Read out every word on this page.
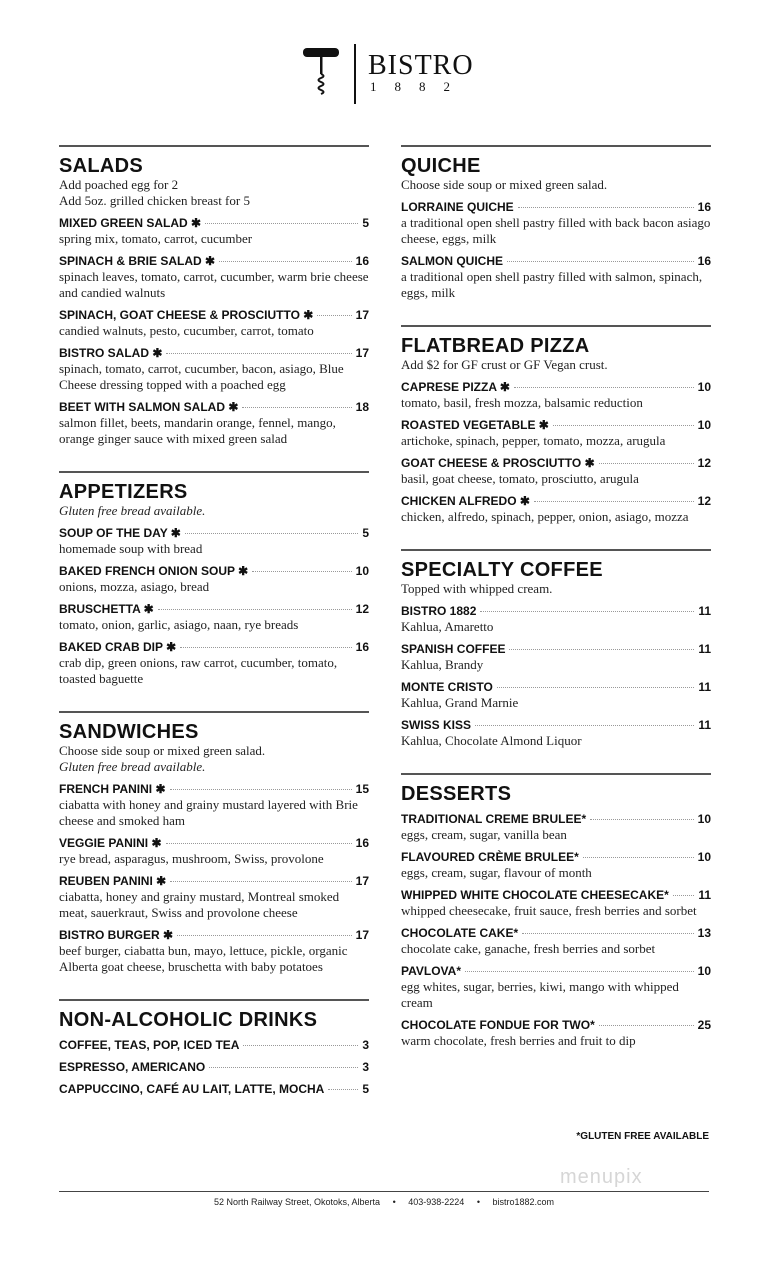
BISTRO
1882
SALADS
Add poached egg for 2
Add 5oz. grilled chicken breast for 5
MIXED GREEN SALAD ✱	5
spring mix, tomato, carrot, cucumber
SPINACH & BRIE SALAD ✱	16
spinach leaves, tomato, carrot, cucumber, warm brie cheese and candied walnuts
SPINACH, GOAT CHEESE & PROSCIUTTO ✱	17
candied walnuts, pesto, cucumber, carrot, tomato
BISTRO SALAD ✱	17
spinach, tomato, carrot, cucumber, bacon, asiago, Blue Cheese dressing topped with a poached egg
BEET WITH SALMON SALAD ✱	18
salmon fillet, beets, mandarin orange, fennel, mango, orange ginger sauce with mixed green salad
APPETIZERS
Gluten free bread available.
SOUP OF THE DAY ✱	5
homemade soup with bread
BAKED FRENCH ONION SOUP ✱	10
onions, mozza, asiago, bread
BRUSCHETTA ✱	12
tomato, onion, garlic, asiago, naan, rye breads
BAKED CRAB DIP ✱	16
crab dip, green onions, raw carrot, cucumber, tomato, toasted baguette
SANDWICHES
Choose side soup or mixed green salad.
Gluten free bread available.
FRENCH PANINI ✱	15
ciabatta with honey and grainy mustard layered with Brie cheese and smoked ham
VEGGIE PANINI ✱	16
rye bread, asparagus, mushroom, Swiss, provolone
REUBEN PANINI ✱	17
ciabatta, honey and grainy mustard, Montreal smoked meat, sauerkraut, Swiss and provolone cheese
BISTRO BURGER ✱	17
beef burger, ciabatta bun, mayo, lettuce, pickle, organic Alberta goat cheese, bruschetta with baby potatoes
NON-ALCOHOLIC DRINKS
COFFEE, TEAS, POP, ICED TEA	3
ESPRESSO, AMERICANO	3
CAPPUCCINO, CAFÉ AU LAIT, LATTE, MOCHA	5
QUICHE
Choose side soup or mixed green salad.
LORRAINE QUICHE	16
a traditional open shell pastry filled with back bacon asiago cheese, eggs, milk
SALMON QUICHE	16
a traditional open shell pastry filled with salmon, spinach, eggs, milk
FLATBREAD PIZZA
Add $2 for GF crust or GF Vegan crust.
CAPRESE PIZZA ✱	10
tomato, basil, fresh mozza, balsamic reduction
ROASTED VEGETABLE ✱	10
artichoke, spinach, pepper, tomato, mozza, arugula
GOAT CHEESE & PROSCIUTTO ✱	12
basil, goat cheese, tomato, prosciutto, arugula
CHICKEN ALFREDO ✱	12
chicken, alfredo, spinach, pepper, onion, asiago, mozza
SPECIALTY COFFEE
Topped with whipped cream.
BISTRO 1882	11
Kahlua, Amaretto
SPANISH COFFEE	11
Kahlua, Brandy
MONTE CRISTO	11
Kahlua, Grand Marnie
SWISS KISS	11
Kahlua, Chocolate Almond Liquor
DESSERTS
TRADITIONAL CREME BRULEE*	10
eggs, cream, sugar, vanilla bean
FLAVOURED CRÈME BRULEE*	10
eggs, cream, sugar, flavour of month
WHIPPED WHITE CHOCOLATE CHEESECAKE* 11
whipped cheesecake, fruit sauce, fresh berries and sorbet
CHOCOLATE CAKE*	13
chocolate cake, ganache, fresh berries and sorbet
PAVLOVA*	10
egg whites, sugar, berries, kiwi, mango with whipped cream
CHOCOLATE FONDUE FOR TWO*	25
warm chocolate, fresh berries and fruit to dip
*GLUTEN FREE AVAILABLE
menupix
52 North Railway Street, Okotoks, Alberta • 403-938-2224 • bistro1882.com
